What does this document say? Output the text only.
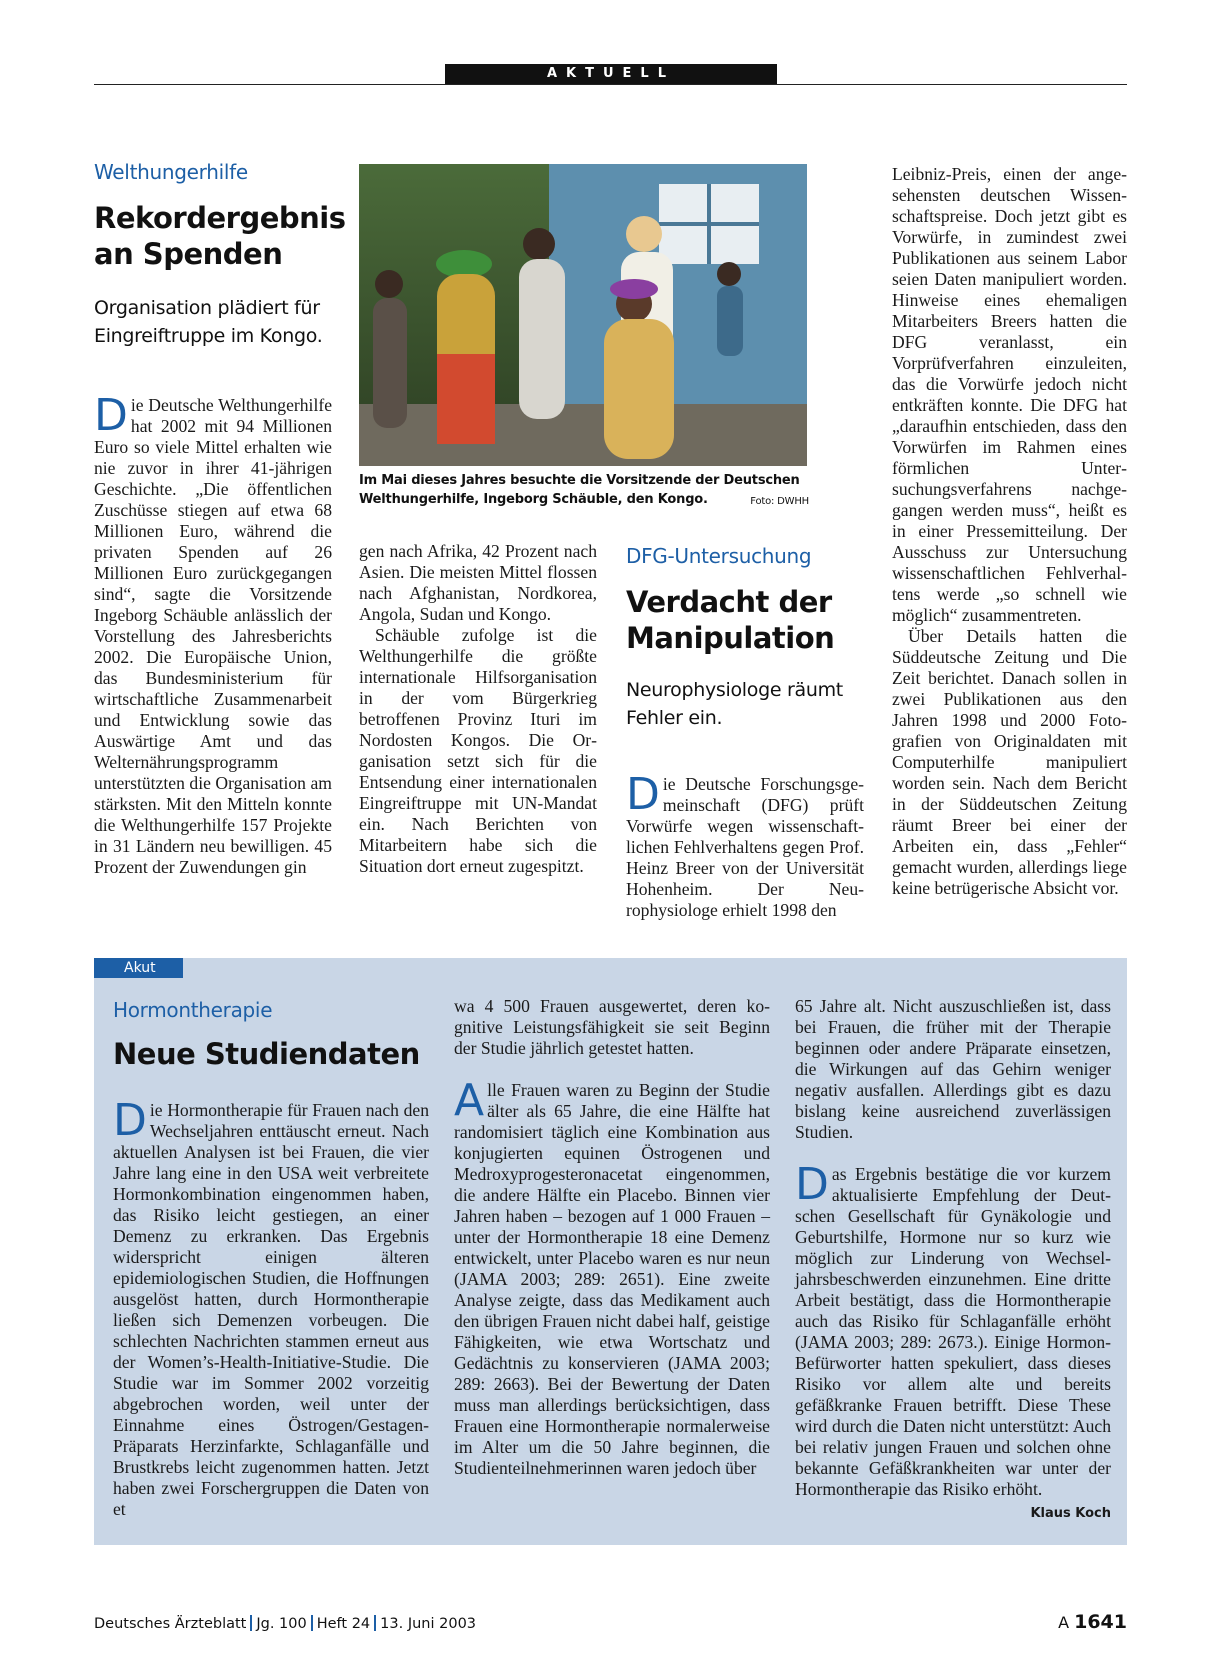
AKTUELL
Welthungerhilfe
Rekordergebnis
an Spenden
Organisation plädiert für
Eingreiftruppe im Kongo.

Die Deutsche Welthungerhilfe hat 2002 mit 94 Millionen Euro so viele Mittel erhalten wie nie zuvor in ihrer 41-jährigen Geschichte. „Die öffentlichen Zuschüsse stiegen auf etwa 68 Millionen Euro, während die privaten Spenden auf 26 Millionen Euro zurückgegangen sind“, sagte die Vorsitzende Ingeborg Schäuble anlässlich der Vorstellung des Jahresberichts 2002. Die Europäische Union, das Bundesministerium für wirtschaftliche Zusammenarbeit und Entwicklung sowie das Auswärtige Amt und das Welternährungsprogramm unterstützten die Organisation am stärksten. Mit den Mitteln konnte die Welthungerhilfe 157 Projekte in 31 Ländern neu bewilligen. 45 Prozent der Zuwendungen gin

gen nach Afrika, 42 Prozent nach Asien. Die meisten Mittel flossen nach Afghanistan, Nordkorea, Angola, Sudan und Kongo.

Schäuble zufolge ist die Welthungerhilfe die größte internationale Hilfsorganisation in der vom Bürgerkrieg betroffenen Provinz Ituri im Nordosten Kongos. Die Organisation setzt sich für die Entsendung einer internationalen Eingreiftruppe mit UN-Mandat ein. Nach Berichten von Mitarbeitern habe sich die Situation dort erneut zugespitzt.

Im Mai dieses Jahres besuchte die Vorsitzende der Deutschen Welthungerhilfe, Ingeborg Schäuble, den Kongo.	Foto: DWHH
DFG-Untersuchung
Verdacht der
Manipulation
Neurophysiologe räumt
Fehler ein.

Die Deutsche Forschungsgemeinschaft (DFG) prüft Vorwürfe wegen wissenschaftlichen Fehlverhaltens gegen Prof. Heinz Breer von der Universität Hohenheim. Der Neurophysiologe erhielt 1998 den

Leibniz-Preis, einen der angesehensten deutschen Wissenschaftspreise. Doch jetzt gibt es Vorwürfe, in zumindest zwei Publikationen aus seinem Labor seien Daten manipuliert worden. Hinweise eines ehemaligen Mitarbeiters Breers hatten die DFG veranlasst, ein Vorprüfverfahren einzuleiten, das die Vorwürfe jedoch nicht entkräften konnte. Die DFG hat „daraufhin entschieden, dass den Vorwürfen im Rahmen eines förmlichen Untersuchungsverfahrens nachgegangen werden muss“, heißt es in einer Pressemitteilung. Der Ausschuss zur Untersuchung wissenschaftlichen Fehlverhaltens werde „so schnell wie möglich“ zusammentreten.

Über Details hatten die Süddeutsche Zeitung und Die Zeit berichtet. Danach sollen in zwei Publikationen aus den Jahren 1998 und 2000 Fotografien von Originaldaten mit Computerhilfe manipuliert worden sein. Nach dem Bericht in der Süddeutschen Zeitung räumt Breer bei einer der Arbeiten ein, dass „Fehler“ gemacht wurden, allerdings liege keine betrügerische Absicht vor.

Akut
Hormontherapie
Neue Studiendaten

Die Hormontherapie für Frauen nach den Wechseljahren enttäuscht erneut. Nach aktuellen Analysen ist bei Frauen, die vier Jahre lang eine in den USA weit verbreitete Hormonkombination eingenommen haben, das Risiko leicht gestiegen, an einer Demenz zu erkranken. Das Ergebnis widerspricht einigen älteren epidemiologischen Studien, die Hoffnungen ausgelöst hatten, durch Hormontherapie ließen sich Demenzen vorbeugen. Die schlechten Nachrichten stammen erneut aus der Women’s-Health-Initiative-Studie. Die Studie war im Sommer 2002 vorzeitig abgebrochen worden, weil unter der Einnahme eines Östrogen/Gestagen-Präparats Herzinfarkte, Schlaganfälle und Brustkrebs leicht zugenommen hatten. Jetzt haben zwei Forschergruppen die Daten von et

wa 4 500 Frauen ausgewertet, deren kognitive Leistungsfähigkeit sie seit Beginn der Studie jährlich getestet hatten.

Alle Frauen waren zu Beginn der Studie älter als 65 Jahre, die eine Hälfte hat randomisiert täglich eine Kombination aus konjugierten equinen Östrogenen und Medroxyprogesteronacetat eingenommen, die andere Hälfte ein Placebo. Binnen vier Jahren haben – bezogen auf 1 000 Frauen – unter der Hormontherapie 18 eine Demenz entwickelt, unter Placebo waren es nur neun (JAMA 2003; 289: 2651). Eine zweite Analyse zeigte, dass das Medikament auch den übrigen Frauen nicht dabei half, geistige Fähigkeiten, wie etwa Wortschatz und Gedächtnis zu konservieren (JAMA 2003; 289: 2663). Bei der Bewertung der Daten muss man allerdings berücksichtigen, dass Frauen eine Hormontherapie normalerweise im Alter um die 50 Jahre beginnen, die Studienteilnehmerinnen waren jedoch über

65 Jahre alt. Nicht auszuschließen ist, dass bei Frauen, die früher mit der Therapie beginnen oder andere Präparate einsetzen, die Wirkungen auf das Gehirn weniger negativ ausfallen. Allerdings gibt es dazu bislang keine ausreichend zuverlässigen Studien.

Das Ergebnis bestätige die vor kurzem aktualisierte Empfehlung der Deutschen Gesellschaft für Gynäkologie und Geburtshilfe, Hormone nur so kurz wie möglich zur Linderung von Wechseljahrsbeschwerden einzunehmen. Eine dritte Arbeit bestätigt, dass die Hormontherapie auch das Risiko für Schlaganfälle erhöht (JAMA 2003; 289: 2673.). Einige Hormon-Befürworter hatten spekuliert, dass dieses Risiko vor allem alte und bereits gefäßkranke Frauen betrifft. Diese These wird durch die Daten nicht unterstützt: Auch bei relativ jungen Frauen und solchen ohne bekannte Gefäßkrankheiten war unter der Hormontherapie das Risiko erhöht.
Klaus Koch

Deutsches Ärzteblatt Jg. 100 Heft 24 13. Juni 2003	A 1641
